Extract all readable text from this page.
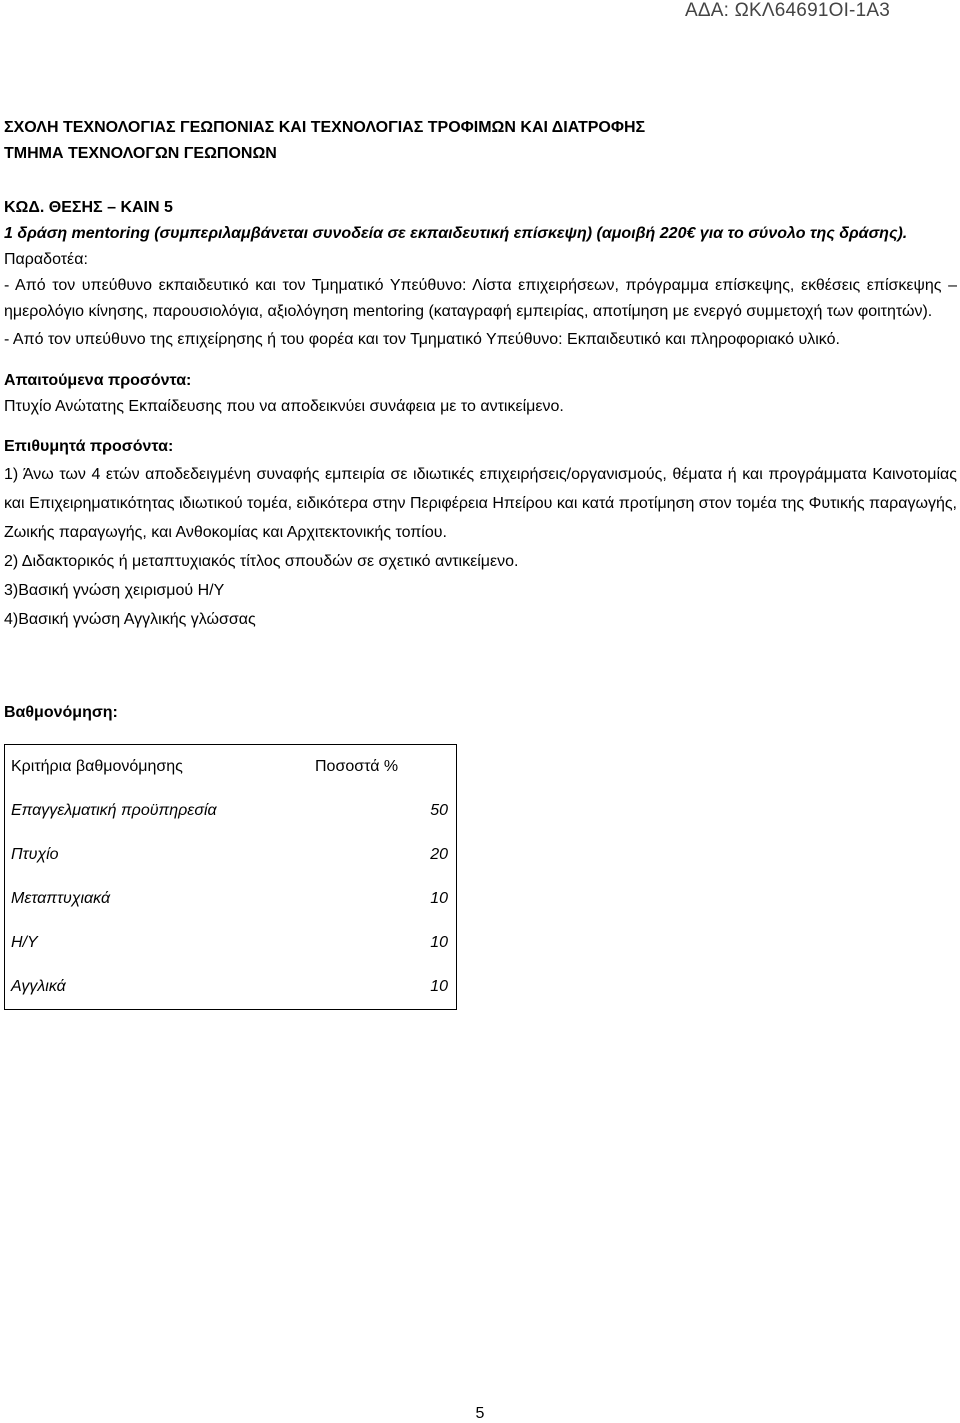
ΑΔΑ: ΩΚΛ64691ΟΙ-1Α3
ΣΧΟΛΗ ΤΕΧΝΟΛΟΓΙΑΣ ΓΕΩΠΟΝΙΑΣ ΚΑΙ ΤΕΧΝΟΛΟΓΙΑΣ ΤΡΟΦΙΜΩΝ ΚΑΙ ΔΙΑΤΡΟΦΗΣ
ΤΜΗΜΑ ΤΕΧΝΟΛΟΓΩΝ ΓΕΩΠΟΝΩΝ
ΚΩΔ. ΘΕΣΗΣ – ΚΑΙΝ 5
1 δράση mentoring (συμπεριλαμβάνεται συνοδεία σε εκπαιδευτική επίσκεψη) (αμοιβή 220€ για το σύνολο της δράσης).
Παραδοτέα:
- Από τον υπεύθυνο εκπαιδευτικό και τον Τμηματικό Υπεύθυνο: Λίστα επιχειρήσεων, πρόγραμμα επίσκεψης, εκθέσεις επίσκεψης – ημερολόγιο κίνησης, παρουσιολόγια, αξιολόγηση mentoring (καταγραφή εμπειρίας, αποτίμηση με ενεργό συμμετοχή των φοιτητών).
- Από τον υπεύθυνο της επιχείρησης ή του φορέα και τον Τμηματικό Υπεύθυνο: Εκπαιδευτικό και πληροφοριακό υλικό.
Απαιτούμενα προσόντα:
Πτυχίο Ανώτατης Εκπαίδευσης που να αποδεικνύει συνάφεια με το αντικείμενο.
Επιθυμητά προσόντα:
1) Άνω των 4 ετών αποδεδειγμένη συναφής εμπειρία σε ιδιωτικές επιχειρήσεις/οργανισμούς, θέματα ή και προγράμματα Καινοτομίας και Επιχειρηματικότητας ιδιωτικού τομέα, ειδικότερα στην Περιφέρεια Ηπείρου και κατά προτίμηση στον τομέα της Φυτικής παραγωγής, Ζωικής παραγωγής, και Ανθοκομίας και Αρχιτεκτονικής τοπίου.
2) Διδακτορικός ή μεταπτυχιακός τίτλος σπουδών σε σχετικό αντικείμενο.
3)Βασική γνώση χειρισμού Η/Υ
4)Βασική γνώση Αγγλικής γλώσσας
Βαθμονόμηση:
Κριτήρια βαθμονόμησης	Ποσοστά %
Επαγγελματική προϋπηρεσία	50
Πτυχίο	20
Μεταπτυχιακά	10
Η/Υ	10
Αγγλικά	10
5
